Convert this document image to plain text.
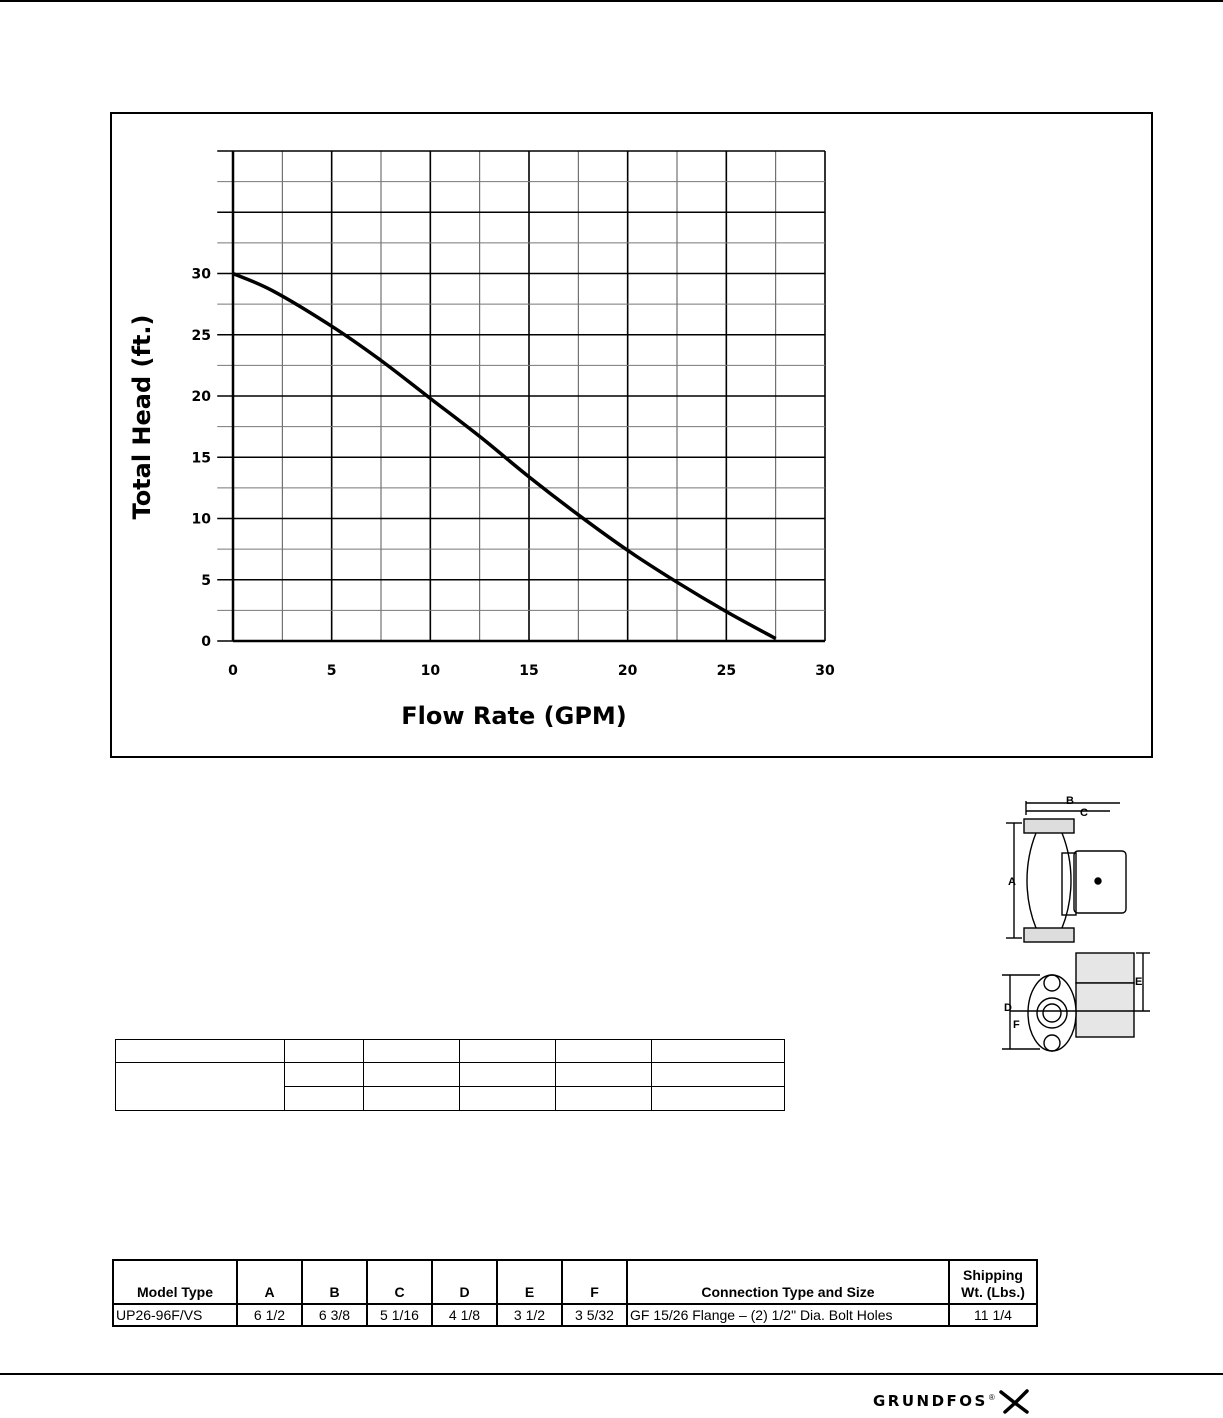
0	5	10	15	20	25	30
0
5
10
15
20
25
30
Flow Rate (GPM)
Total Head (ft.)
B
C
A
E
D
F

Model Type	A	B	C	D	E	F	Connection Type and Size	Shipping
Wt. (Lbs.)
UP26-96F/VS	6 1/2	6 3/8	5 1/16	4 1/8	3 1/2	3 5/32	GF 15/26 Flange – (2) 1/2" Dia. Bolt Holes	11 1/4
GRUNDFOS ®
